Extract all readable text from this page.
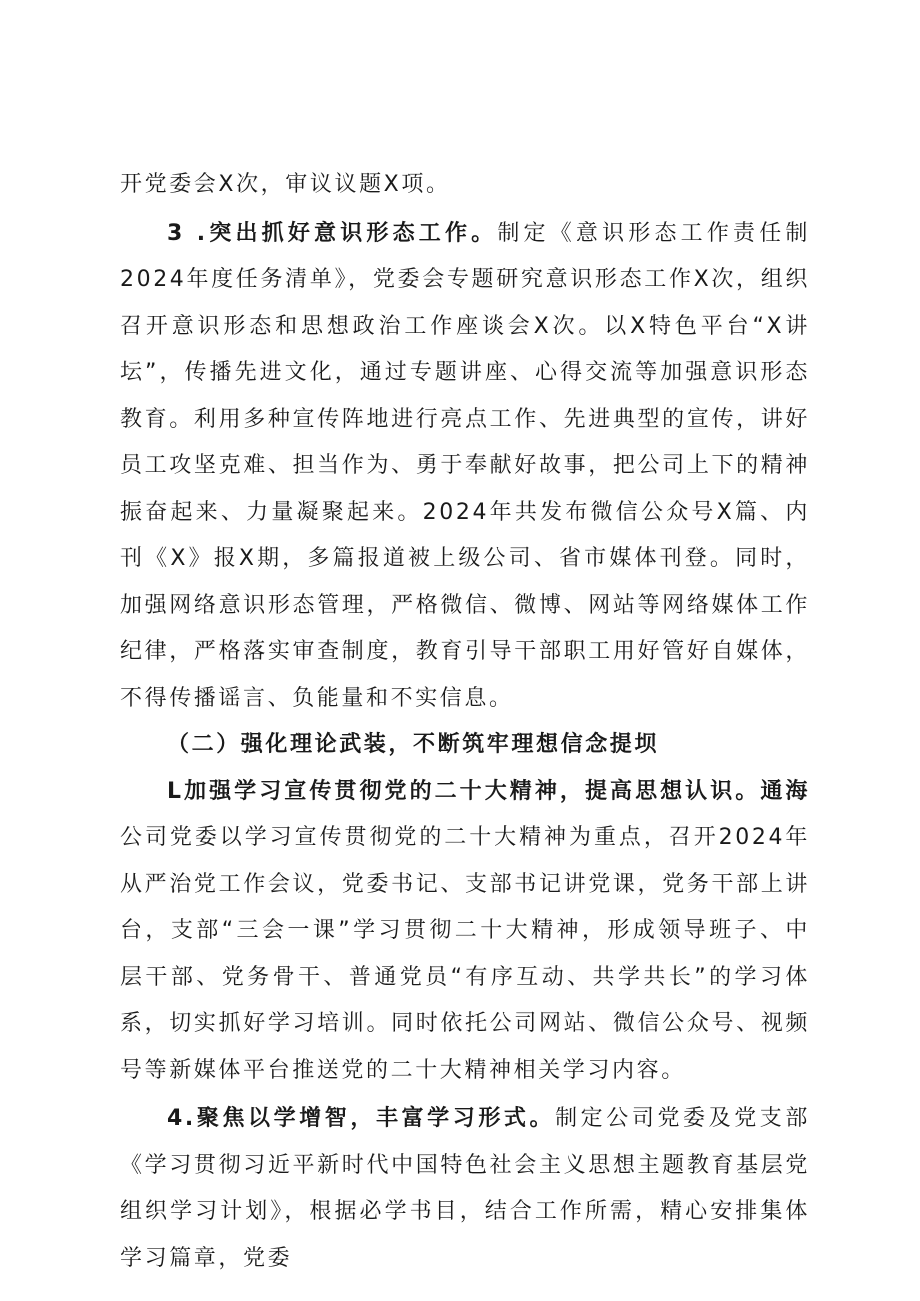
开党委会X次，审议议题X项。

3 .突出抓好意识形态工作。制定《意识形态工作责任制2024年度任务清单》，党委会专题研究意识形态工作X次，组织召开意识形态和思想政治工作座谈会X次。以X特色平台“X讲坛”，传播先进文化，通过专题讲座、心得交流等加强意识形态教育。利用多种宣传阵地进行亮点工作、先进典型的宣传，讲好员工攻坚克难、担当作为、勇于奉献好故事，把公司上下的精神振奋起来、力量凝聚起来。2024年共发布微信公众号X篇、内刊《X》报X期，多篇报道被上级公司、省市媒体刊登。同时，加强网络意识形态管理，严格微信、微博、网站等网络媒体工作纪律，严格落实审查制度，教育引导干部职工用好管好自媒体，不得传播谣言、负能量和不实信息。

（二）强化理论武装，不断筑牢理想信念提坝

L加强学习宣传贯彻党的二十大精神，提高思想认识。通海公司党委以学习宣传贯彻党的二十大精神为重点，召开2024年从严治党工作会议，党委书记、支部书记讲党课，党务干部上讲台，支部“三会一课”学习贯彻二十大精神，形成领导班子、中层干部、党务骨干、普通党员“有序互动、共学共长”的学习体系，切实抓好学习培训。同时依托公司网站、微信公众号、视频号等新媒体平台推送党的二十大精神相关学习内容。

4.聚焦以学增智，丰富学习形式。制定公司党委及党支部《学习贯彻习近平新时代中国特色社会主义思想主题教育基层党组织学习计划》，根据必学书目，结合工作所需，精心安排集体学习篇章，党委
